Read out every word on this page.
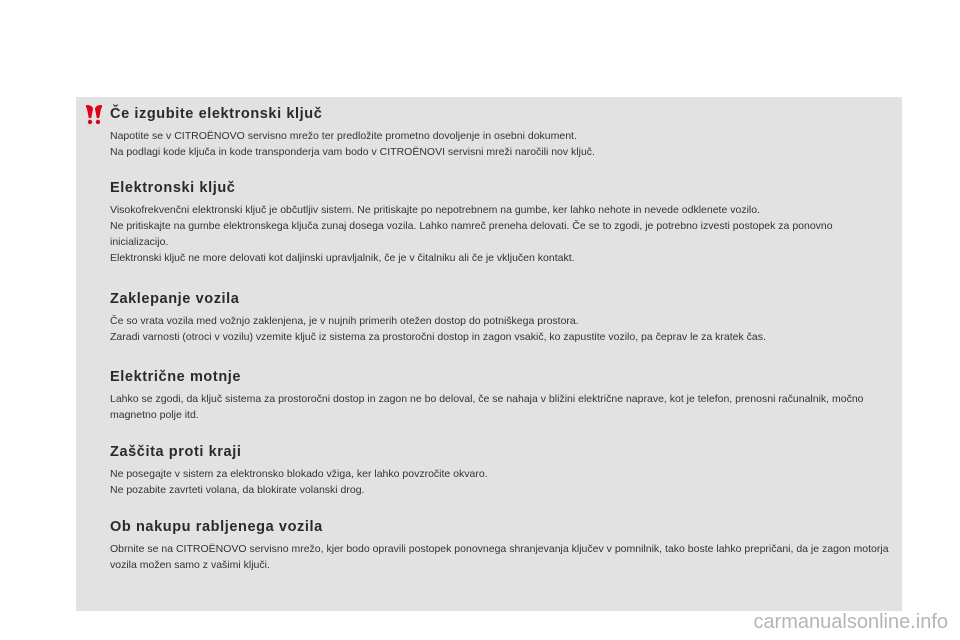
Če izgubite elektronski ključ

Napotite se v CITROËNOVO servisno mrežo ter predložite prometno dovoljenje in osebni dokument.
Na podlagi kode ključa in kode transponderja vam bodo v CITROËNOVI servisni mreži naročili nov ključ.

Elektronski ključ

Visokofrekvenčni elektronski ključ je občutljiv sistem. Ne pritiskajte po nepotrebnem na gumbe, ker lahko nehote in nevede odklenete vozilo.
Ne pritiskajte na gumbe elektronskega ključa zunaj dosega vozila. Lahko namreč preneha delovati. Če se to zgodi, je potrebno izvesti postopek za ponovno inicializacijo.
Elektronski ključ ne more delovati kot daljinski upravljalnik, če je v čitalniku ali če je vključen kontakt.

Zaklepanje vozila

Če so vrata vozila med vožnjo zaklenjena, je v nujnih primerih otežen dostop do potniškega prostora.
Zaradi varnosti (otroci v vozilu) vzemite ključ iz sistema za prostoročni dostop in zagon vsakič, ko zapustite vozilo, pa čeprav le za kratek čas.

Električne motnje

Lahko se zgodi, da ključ sistema za prostoročni dostop in zagon ne bo deloval, če se nahaja v bližini električne naprave, kot je telefon, prenosni računalnik, močno magnetno polje itd.

Zaščita proti kraji

Ne posegajte v sistem za elektronsko blokado vžiga, ker lahko povzročite okvaro.
Ne pozabite zavrteti volana, da blokirate volanski drog.

Ob nakupu rabljenega vozila

Obrnite se na CITROËNOVO servisno mrežo, kjer bodo opravili postopek ponovnega shranjevanja ključev v pomnilnik, tako boste lahko prepričani, da je zagon motorja vozila možen samo z vašimi ključi.

carmanualsonline.info
